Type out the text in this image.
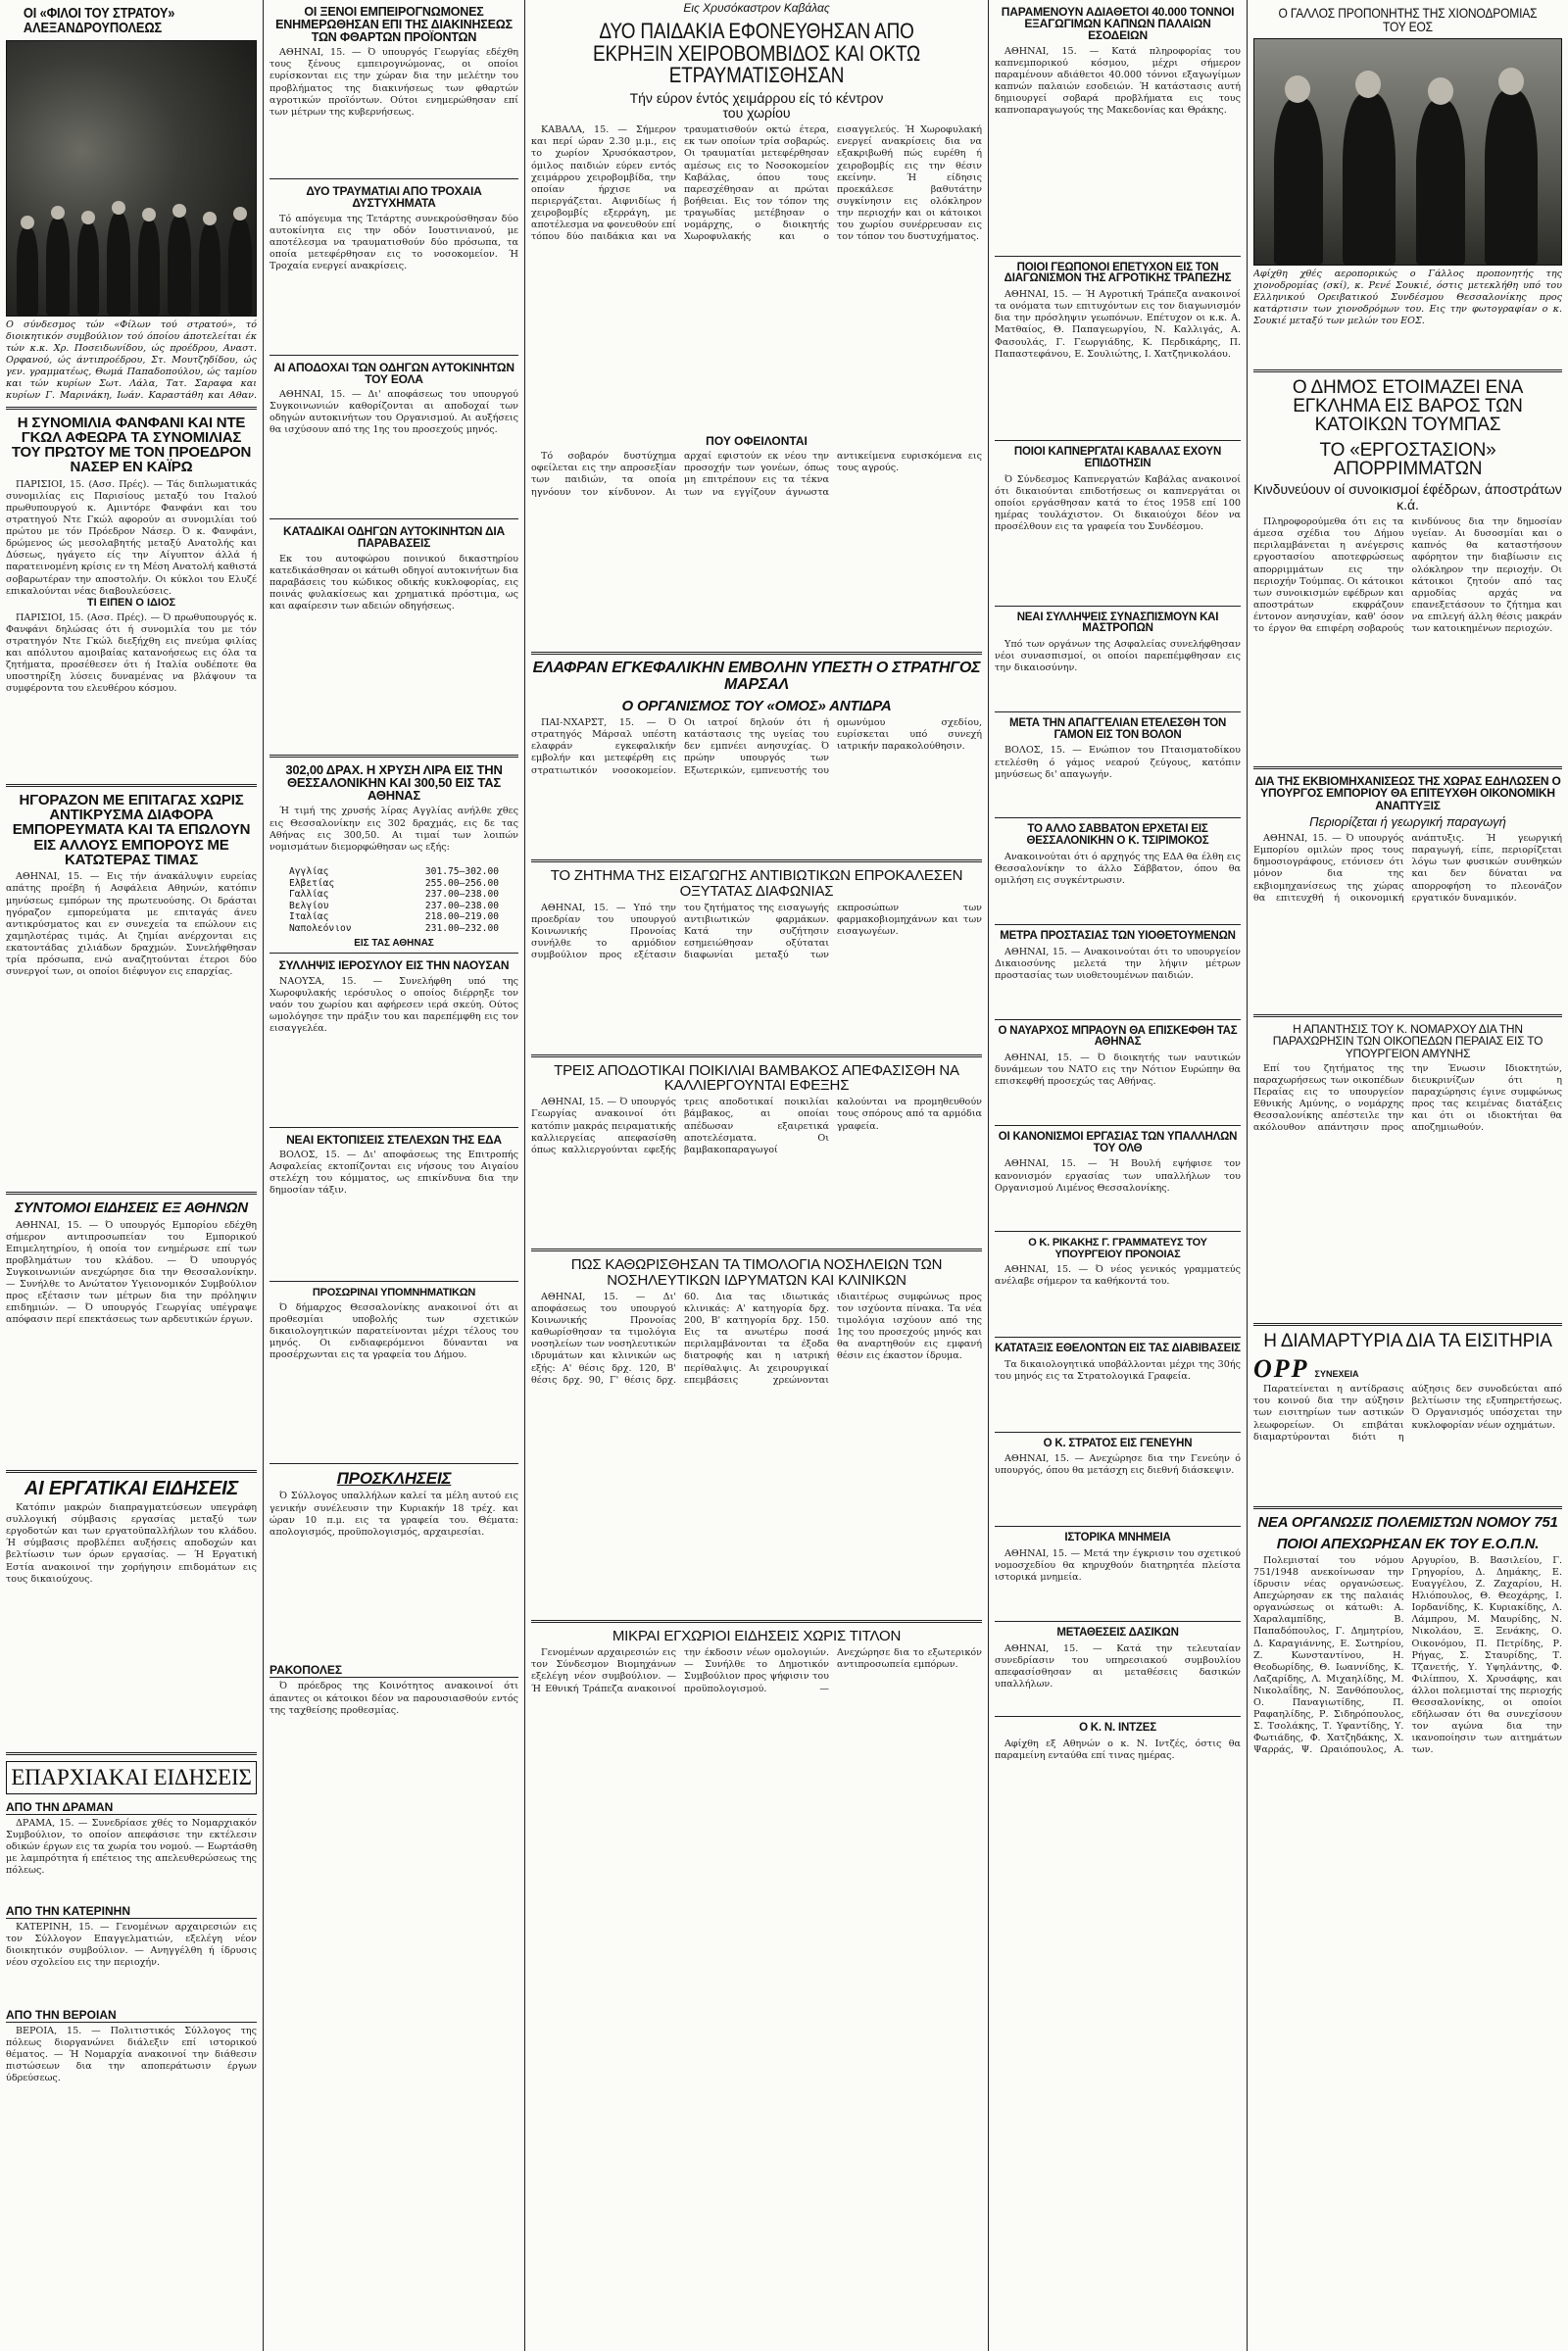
ΟΙ «ΦΙΛΟΙ ΤΟΥ ΣΤΡΑΤΟΥ» ΑΛΕΞΑΝΔΡΟΥΠΟΛΕΩΣ
Ο σύνδεσμος τών «Φίλων τού στρατού», τό διοικητικόν συμβούλιον τού όποίου άποτελείται έκ τών κ.κ. Χρ. Ποσειδωνίδου, ώς προέδρου, Αναστ. Ορφανού, ώς άντιπροέδρου, Στ. Μουτζηδίδου, ώς γεν. γραμματέως, Θωμά Παπαδοπούλου, ώς ταμίου και τών κυρίων Σωτ. Λάλα, Τατ. Σαραφα και κυρίων Γ. Μαρινάκη, Ιωάν. Καραστάθη και Αθαν.
Η ΣΥΝΟΜΙΛΙΑ ΦΑΝΦΑΝΙ ΚΑΙ ΝΤΕ ΓΚΩΛ ΑΦΕΩΡΑ ΤΑ ΣΥΝΟΜΙΛΙΑΣ ΤΟΥ ΠΡΩΤΟΥ ΜΕ ΤΟΝ ΠΡΟΕΔΡΟΝ ΝΑΣΕΡ ΕΝ ΚΑΪΡΩ

ΠΑΡΙΣΙΟΙ, 15. (Ασσ. Πρές). — Τάς διπλωματικάς συνομιλίας εις Παρισίους μεταξύ του Ιταλού πρωθυπουργού κ. Αμιντόρε Φανφάνι και του στρατηγού Ντε Γκώλ αφορούν αι συνομιλίαι τού πρώτου με τόν Πρόεδρον Νάσερ. Ό κ. Φανφάνι, δρώμενος ώς μεσολαβητής μεταξύ Ανατολής και Δύσεως, ηγάγετο είς την Αίγυπτον άλλά ή παρατεινομένη κρίσις εν τη Μέση Ανατολή καθιστά σοβαρωτέραν την αποστολήν. Οι κύκλοι του Ελυζέ επικαλούνται νέας διαβουλεύσεις.

ΤΙ ΕΙΠΕΝ Ο ΙΔΙΟΣ

ΠΑΡΙΣΙΟΙ, 15. (Ασσ. Πρές). — Ό πρωθυπουργός κ. Φανφάνι δηλώσας ότι ή συνομιλία του με τόν στρατηγόν Ντε Γκώλ διεξήχθη εις πνεύμα φιλίας και απόλυτου αμοιβαίας κατανοήσεως εις όλα τα ζητήματα, προσέθεσεν ότι ή Ιταλία ουδέποτε θα υποστηρίξη λύσεις δυναμένας να βλάψουν τα συμφέροντα του ελευθέρου κόσμου.

ΗΓΟΡΑΖΟΝ ΜΕ ΕΠΙΤΑΓΑΣ ΧΩΡΙΣ ΑΝΤΙΚΡΥΣΜΑ ΔΙΑΦΟΡΑ ΕΜΠΟΡΕΥΜΑΤΑ ΚΑΙ ΤΑ ΕΠΩΛΟΥΝ ΕΙΣ ΑΛΛΟΥΣ ΕΜΠΟΡΟΥΣ ΜΕ ΚΑΤΩΤΕΡΑΣ ΤΙΜΑΣ

ΑΘΗΝΑΙ, 15. — Εις τήν άνακάλυψιν ευρείας απάτης προέβη ή Ασφάλεια Αθηνών, κατόπιν μηνύσεως εμπόρων της πρωτευούσης. Οι δράσται ηγόραζον εμπορεύματα με επιταγάς άνευ αντικρύσματος και εν συνεχεία τα επώλουν εις χαμηλοτέρας τιμάς. Αι ζημίαι ανέρχονται εις εκατοντάδας χιλιάδων δραχμών. Συνελήφθησαν τρία πρόσωπα, ενώ αναζητούνται έτεροι δύο συνεργοί των, οι οποίοι διέφυγον εις επαρχίας.

ΣΥΝΤΟΜΟΙ ΕΙΔΗΣΕΙΣ ΕΞ ΑΘΗΝΩΝ

ΑΘΗΝΑΙ, 15. — Ό υπουργός Εμπορίου εδέχθη σήμερον αντιπροσωπείαν του Εμπορικού Επιμελητηρίου, ή οποία τον ενημέρωσε επί των προβλημάτων του κλάδου. — Ό υπουργός Συγκοινωνιών ανεχώρησε δια την Θεσσαλονίκην. — Συνήλθε το Ανώτατον Υγειονομικόν Συμβούλιον προς εξέτασιν των μέτρων δια την πρόληψιν επιδημιών. — Ό υπουργός Γεωργίας υπέγραψε απόφασιν περί επεκτάσεως των αρδευτικών έργων.

ΑΙ ΕΡΓΑΤΙΚΑΙ ΕΙΔΗΣΕΙΣ

Κατόπιν μακρών διαπραγματεύσεων υπεγράφη συλλογική σύμβασις εργασίας μεταξύ των εργοδοτών και των εργατοϋπαλλήλων του κλάδου. Ή σύμβασις προβλέπει αυξήσεις αποδοχών και βελτίωσιν των όρων εργασίας. — Ή Εργατική Εστία ανακοινοί την χορήγησιν επιδομάτων εις τους δικαιούχους.

ΕΠΑΡΧΙΑΚΑΙ ΕΙΔΗΣΕΙΣ
ΑΠΟ ΤΗΝ ΔΡΑΜΑΝ

ΔΡΑΜΑ, 15. — Συνεδρίασε χθές το Νομαρχιακόν Συμβούλιον, το οποίον απεφάσισε την εκτέλεσιν οδικών έργων εις τα χωρία του νομού. — Εωρτάσθη με λαμπρότητα ή επέτειος της απελευθερώσεως της πόλεως.

ΑΠΟ ΤΗΝ ΚΑΤΕΡΙΝΗΝ

ΚΑΤΕΡΙΝΗ, 15. — Γενομένων αρχαιρεσιών εις τον Σύλλογον Επαγγελματιών, εξελέγη νέον διοικητικόν συμβούλιον. — Ανηγγέλθη ή ίδρυσις νέου σχολείου εις την περιοχήν.

ΑΠΟ ΤΗΝ ΒΕΡΟΙΑΝ

ΒΕΡΟΙΑ, 15. — Πολιτιστικός Σύλλογος της πόλεως διοργανώνει διάλεξιν επί ιστορικού θέματος. — Ή Νομαρχία ανακοινοί την διάθεσιν πιστώσεων δια την αποπεράτωσιν έργων ύδρεύσεως.

ΟΙ ΞΕΝΟΙ ΕΜΠΕΙΡΟΓΝΩΜΟΝΕΣ ΕΝΗΜΕΡΩΘΗΣΑΝ ΕΠΙ ΤΗΣ ΔΙΑΚΙΝΗΣΕΩΣ ΤΩΝ ΦΘΑΡΤΩΝ ΠΡΟΪΟΝΤΩΝ

ΑΘΗΝΑΙ, 15. — Ό υπουργός Γεωργίας εδέχθη τους ξένους εμπειρογνώμονας, οι οποίοι ευρίσκονται εις την χώραν δια την μελέτην του προβλήματος της διακινήσεως των φθαρτών αγροτικών προϊόντων. Ούτοι ενημερώθησαν επί των μέτρων της κυβερνήσεως.

ΔΥΟ ΤΡΑΥΜΑΤΙΑΙ ΑΠΟ ΤΡΟΧΑΙΑ ΔΥΣΤΥΧΗΜΑΤΑ

Τό απόγευμα της Τετάρτης συνεκρούσθησαν δύο αυτοκίνητα εις την οδόν Ιουστινιανού, με αποτέλεσμα να τραυματισθούν δύο πρόσωπα, τα οποία μετεφέρθησαν εις το νοσοκομείον. Ή Τροχαία ενεργεί ανακρίσεις.

ΑΙ ΑΠΟΔΟΧΑΙ ΤΩΝ ΟΔΗΓΩΝ ΑΥΤΟΚΙΝΗΤΩΝ ΤΟΥ ΕΟΛΑ

ΑΘΗΝΑΙ, 15. — Δι' αποφάσεως του υπουργού Συγκοινωνιών καθορίζονται αι αποδοχαί των οδηγών αυτοκινήτων του Οργανισμού. Αι αυξήσεις θα ισχύσουν από της 1ης του προσεχούς μηνός.

ΚΑΤΑΔΙΚΑΙ ΟΔΗΓΩΝ ΑΥΤΟΚΙΝΗΤΩΝ ΔΙΑ ΠΑΡΑΒΑΣΕΙΣ

Εκ του αυτοφώρου ποινικού δικαστηρίου κατεδικάσθησαν οι κάτωθι οδηγοί αυτοκινήτων δια παραβάσεις του κώδικος οδικής κυκλοφορίας, εις ποινάς φυλακίσεως και χρηματικά πρόστιμα, ως και αφαίρεσιν των αδειών οδηγήσεως.

302,00 ΔΡΑΧ. Η ΧΡΥΣΗ ΛΙΡΑ ΕΙΣ ΤΗΝ ΘΕΣΣΑΛΟΝΙΚΗΝ ΚΑΙ 300,50 ΕΙΣ ΤΑΣ ΑΘΗΝΑΣ

Ή τιμή της χρυσής λίρας Αγγλίας ανήλθε χθες εις Θεσσαλονίκην εις 302 δραχμάς, εις δε τας Αθήνας εις 300,50. Αι τιμαί των λοιπών νομισμάτων διεμορφώθησαν ως εξής:

Αγγλίας	301.75—302.00
Ελβετίας	255.00—256.00
Γαλλίας	237.00—238.00
Βελγίου	237.00—238.00
Ιταλίας	218.00—219.00
Ναπολεόνιον	231.00—232.00
ΕΙΣ ΤΑΣ ΑΘΗΝΑΣ
ΣΥΛΛΗΨΙΣ ΙΕΡΟΣΥΛΟΥ ΕΙΣ ΤΗΝ ΝΑΟΥΣΑΝ

ΝΑΟΥΣΑ, 15. — Συνελήφθη υπό της Χωροφυλακής ιερόσυλος ο οποίος διέρρηξε τον ναόν του χωρίου και αφήρεσεν ιερά σκεύη. Ούτος ωμολόγησε την πράξιν του και παρεπέμφθη εις τον εισαγγελέα.

ΝΕΑΙ ΕΚΤΟΠΙΣΕΙΣ ΣΤΕΛΕΧΩΝ ΤΗΣ ΕΔΑ

ΒΟΛΟΣ, 15. — Δι' αποφάσεως της Επιτροπής Ασφαλείας εκτοπίζονται εις νήσους του Αιγαίου στελέχη του κόμματος, ως επικίνδυνα δια την δημοσίαν τάξιν.

ΠΡΟΣΩΡΙΝΑΙ ΥΠΟΜΝΗΜΑΤΙΚΩΝ

Ό δήμαρχος Θεσσαλονίκης ανακοινοί ότι αι προθεσμίαι υποβολής των σχετικών δικαιολογητικών παρατείνονται μέχρι τέλους του μηνός. Οι ενδιαφερόμενοι δύνανται να προσέρχωνται εις τα γραφεία του Δήμου.

ΠΡΟΣΚΛΗΣΕΙΣ

Ό Σύλλογος υπαλλήλων καλεί τα μέλη αυτού εις γενικήν συνέλευσιν την Κυριακήν 18 τρέχ. και ώραν 10 π.μ. εις τα γραφεία του. Θέματα: απολογισμός, προϋπολογισμός, αρχαιρεσίαι.

ΡΑΚΟΠΟΛΕΣ

Ό πρόεδρος της Κοινότητος ανακοινοί ότι άπαντες οι κάτοικοι δέον να παρουσιασθούν εντός της ταχθείσης προθεσμίας.

Εις Χρυσόκαστρον Καβάλας
ΔΥΟ ΠΑΙΔΑΚΙΑ ΕΦΟΝΕΥΘΗΣΑΝ ΑΠΟ ΕΚΡΗΞΙΝ ΧΕΙΡΟΒΟΜΒΙΔΟΣ ΚΑΙ ΟΚΤΩ ΕΤΡΑΥΜΑΤΙΣΘΗΣΑΝ
Τήν εύρον έντός χειμάρρου είς τό κέντρον του χωρίου

ΚΑΒΑΛΑ, 15. — Σήμερον και περί ώραν 2.30 μ.μ., εις το χωρίον Χρυσόκαστρον, όμιλος παιδιών εύρεν εντός χειμάρρου χειροβομβίδα, την οποίαν ήρχισε να περιεργάζεται. Αιφνιδίως ή χειροβομβίς εξερράγη, με αποτέλεσμα να φονευθούν επί τόπου δύο παιδάκια και να τραυματισθούν οκτώ έτερα, εκ των οποίων τρία σοβαρώς. Οι τραυματίαι μετεφέρθησαν αμέσως εις το Νοσοκομείον Καβάλας, όπου τους παρεσχέθησαν αι πρώται βοήθειαι. Εις τον τόπον της τραγωδίας μετέβησαν ο νομάρχης, ο διοικητής Χωροφυλακής και ο εισαγγελεύς. Ή Χωροφυλακή ενεργεί ανακρίσεις δια να εξακριβωθή πώς ευρέθη ή χειροβομβίς εις την θέσιν εκείνην. Ή είδησις προεκάλεσε βαθυτάτην συγκίνησιν εις ολόκληρον την περιοχήν και οι κάτοικοι του χωρίου συνέρρευσαν εις τον τόπον του δυστυχήματος.

ΠΟΥ ΟΦΕΙΛΟΝΤΑΙ

Τό σοβαρόν δυστύχημα οφείλεται εις την απροσεξίαν των παιδιών, τα οποία ηγνόουν τον κίνδυνον. Αι αρχαί εφιστούν εκ νέου την προσοχήν των γονέων, όπως μη επιτρέπουν εις τα τέκνα των να εγγίζουν άγνωστα αντικείμενα ευρισκόμενα εις τους αγρούς.

ΕΛΑΦΡΑΝ ΕΓΚΕΦΑΛΙΚΗΝ ΕΜΒΟΛΗΝ ΥΠΕΣΤΗ Ο ΣΤΡΑΤΗΓΟΣ ΜΑΡΣΑΛ
Ο ΟΡΓΑΝΙΣΜΟΣ ΤΟΥ «ΟΜΟΣ» ΑΝΤΙΔΡΑ

ΠΑΙ-ΝΧΑΡΣΤ, 15. — Ό στρατηγός Μάρσαλ υπέστη ελαφράν εγκεφαλικήν εμβολήν και μετεφέρθη εις στρατιωτικόν νοσοκομείον. Οι ιατροί δηλούν ότι ή κατάστασις της υγείας του δεν εμπνέει ανησυχίας. Ό πρώην υπουργός των Εξωτερικών, εμπνευστής του ομωνύμου σχεδίου, ευρίσκεται υπό συνεχή ιατρικήν παρακολούθησιν.

ΤΟ ΖΗΤΗΜΑ ΤΗΣ ΕΙΣΑΓΩΓΗΣ ΑΝΤΙΒΙΩΤΙΚΩΝ ΕΠΡΟΚΑΛΕΣΕΝ ΟΞΥΤΑΤΑΣ ΔΙΑΦΩΝΙΑΣ

ΑΘΗΝΑΙ, 15. — Υπό την προεδρίαν του υπουργού Κοινωνικής Προνοίας συνήλθε το αρμόδιον συμβούλιον προς εξέτασιν του ζητήματος της εισαγωγής αντιβιωτικών φαρμάκων. Κατά την συζήτησιν εσημειώθησαν οξύταται διαφωνίαι μεταξύ των εκπροσώπων των φαρμακοβιομηχάνων και των εισαγωγέων.

ΤΡΕΙΣ ΑΠΟΔΟΤΙΚΑΙ ΠΟΙΚΙΛΙΑΙ ΒΑΜΒΑΚΟΣ ΑΠΕΦΑΣΙΣΘΗ ΝΑ ΚΑΛΛΙΕΡΓΟΥΝΤΑΙ ΕΦΕΞΗΣ

ΑΘΗΝΑΙ, 15. — Ό υπουργός Γεωργίας ανακοινοί ότι κατόπιν μακράς πειραματικής καλλιεργείας απεφασίσθη όπως καλλιεργούνται εφεξής τρεις αποδοτικαί ποικιλίαι βάμβακος, αι οποίαι απέδωσαν εξαιρετικά αποτελέσματα. Οι βαμβακοπαραγωγοί καλούνται να προμηθευθούν τους σπόρους από τα αρμόδια γραφεία.

ΠΩΣ ΚΑΘΩΡΙΣΘΗΣΑΝ ΤΑ ΤΙΜΟΛΟΓΙΑ ΝΟΣΗΛΕΙΩΝ ΤΩΝ ΝΟΣΗΛΕΥΤΙΚΩΝ ΙΔΡΥΜΑΤΩΝ ΚΑΙ ΚΛΙΝΙΚΩΝ

ΑΘΗΝΑΙ, 15. — Δι' αποφάσεως του υπουργού Κοινωνικής Προνοίας καθωρίσθησαν τα τιμολόγια νοσηλείων των νοσηλευτικών ιδρυμάτων και κλινικών ως εξής: Α' θέσις δρχ. 120, Β' θέσις δρχ. 90, Γ' θέσις δρχ. 60. Δια τας ιδιωτικάς κλινικάς: Α' κατηγορία δρχ. 200, Β' κατηγορία δρχ. 150. Εις τα ανωτέρω ποσά περιλαμβάνονται τα έξοδα διατροφής και η ιατρική περίθαλψις. Αι χειρουργικαί επεμβάσεις χρεώνονται ιδιαιτέρως συμφώνως προς τον ισχύοντα πίνακα. Τα νέα τιμολόγια ισχύουν από της 1ης του προσεχούς μηνός και θα αναρτηθούν εις εμφανή θέσιν εις έκαστον ίδρυμα.

ΜΙΚΡΑΙ ΕΓΧΩΡΙΟΙ ΕΙΔΗΣΕΙΣ ΧΩΡΙΣ ΤΙΤΛΟΝ

Γενομένων αρχαιρεσιών εις τον Σύνδεσμον Βιομηχάνων εξελέγη νέον συμβούλιον. — Ή Εθνική Τράπεζα ανακοινοί την έκδοσιν νέων ομολογιών. — Συνήλθε το Δημοτικόν Συμβούλιον προς ψήφισιν του προϋπολογισμού. — Ανεχώρησε δια το εξωτερικόν αντιπροσωπεία εμπόρων.

ΠΑΡΑΜΕΝΟΥΝ ΑΔΙΑΘΕΤΟΙ 40.000 ΤΟΝΝΟΙ ΕΞΑΓΩΓΙΜΩΝ ΚΑΠΝΩΝ ΠΑΛΑΙΩΝ ΕΣΟΔΕΙΩΝ

ΑΘΗΝΑΙ, 15. — Κατά πληροφορίας του καπνεμπορικού κόσμου, μέχρι σήμερον παραμένουν αδιάθετοι 40.000 τόννοι εξαγωγίμων καπνών παλαιών εσοδειών. Ή κατάστασις αυτή δημιουργεί σοβαρά προβλήματα εις τους καπνοπαραγωγούς της Μακεδονίας και Θράκης.

ΠΟΙΟΙ ΓΕΩΠΟΝΟΙ ΕΠΕΤΥΧΟΝ ΕΙΣ ΤΟΝ ΔΙΑΓΩΝΙΣΜΟΝ ΤΗΣ ΑΓΡΟΤΙΚΗΣ ΤΡΑΠΕΖΗΣ

ΑΘΗΝΑΙ, 15. — Ή Αγροτική Τράπεζα ανακοινοί τα ονόματα των επιτυχόντων εις τον διαγωνισμόν δια την πρόσληψιν γεωπόνων. Επέτυχον οι κ.κ. Α. Ματθαίος, Θ. Παπαγεωργίου, Ν. Καλλιγάς, Α. Φασουλάς, Γ. Γεωργιάδης, Κ. Περδικάρης, Π. Παπαστεφάνου, Ε. Σουλιώτης, Ι. Χατζηνικολάου.

ΠΟΙΟΙ ΚΑΠΝΕΡΓΑΤΑΙ ΚΑΒΑΛΑΣ ΕΧΟΥΝ ΕΠΙΔΟΤΗΣΙΝ

Ό Σύνδεσμος Καπνεργατών Καβάλας ανακοινοί ότι δικαιούνται επιδοτήσεως οι καπνεργάται οι οποίοι εργάσθησαν κατά το έτος 1958 επί 100 ημέρας τουλάχιστον. Οι δικαιούχοι δέον να προσέλθουν εις τα γραφεία του Συνδέσμου.

ΝΕΑΙ ΣΥΛΛΗΨΕΙΣ ΣΥΝΑΣΠΙΣΜΟΥΝ ΚΑΙ ΜΑΣΤΡΟΠΩΝ

Υπό των οργάνων της Ασφαλείας συνελήφθησαν νέοι συνασπισμοί, οι οποίοι παρεπέμφθησαν εις την δικαιοσύνην.

ΜΕΤΑ ΤΗΝ ΑΠΑΓΓΕΛΙΑΝ ΕΤΕΛΕΣΘΗ ΤΟΝ ΓΑΜΟΝ ΕΙΣ ΤΟΝ ΒΟΛΟΝ

ΒΟΛΟΣ, 15. — Ενώπιον του Πταισματοδίκου ετελέσθη ό γάμος νεαρού ζεύγους, κατόπιν μηνύσεως δι' απαγωγήν.

ΤΟ ΑΛΛΟ ΣΑΒΒΑΤΟΝ ΕΡΧΕΤΑΙ ΕΙΣ ΘΕΣΣΑΛΟΝΙΚΗΝ Ο Κ. ΤΣΙΡΙΜΟΚΟΣ

Ανακοινούται ότι ό αρχηγός της ΕΔΑ θα έλθη εις Θεσσαλονίκην το άλλο Σάββατον, όπου θα ομιλήση εις συγκέντρωσιν.

ΜΕΤΡΑ ΠΡΟΣΤΑΣΙΑΣ ΤΩΝ ΥΙΟΘΕΤΟΥΜΕΝΩΝ

ΑΘΗΝΑΙ, 15. — Ανακοινούται ότι το υπουργείον Δικαιοσύνης μελετά την λήψιν μέτρων προστασίας των υιοθετουμένων παιδιών.

Ο ΝΑΥΑΡΧΟΣ ΜΠΡΑΟΥΝ ΘΑ ΕΠΙΣΚΕΦΘΗ ΤΑΣ ΑΘΗΝΑΣ

ΑΘΗΝΑΙ, 15. — Ό διοικητής των ναυτικών δυνάμεων του ΝΑΤΟ εις την Νότιον Ευρώπην θα επισκεφθή προσεχώς τας Αθήνας.

ΟΙ ΚΑΝΟΝΙΣΜΟΙ ΕΡΓΑΣΙΑΣ ΤΩΝ ΥΠΑΛΛΗΛΩΝ ΤΟΥ ΟΛΘ

ΑΘΗΝΑΙ, 15. — Ή Βουλή εψήφισε τον κανονισμόν εργασίας των υπαλλήλων του Οργανισμού Λιμένος Θεσσαλονίκης.

Ο Κ. ΡΙΚΑΚΗΣ Γ. ΓΡΑΜΜΑΤΕΥΣ ΤΟΥ ΥΠΟΥΡΓΕΙΟΥ ΠΡΟΝΟΙΑΣ

ΑΘΗΝΑΙ, 15. — Ό νέος γενικός γραμματεύς ανέλαβε σήμερον τα καθήκοντά του.

ΚΑΤΑΤΑΞΙΣ ΕΘΕΛΟΝΤΩΝ ΕΙΣ ΤΑΣ ΔΙΑΒΙΒΑΣΕΙΣ

Τα δικαιολογητικά υποβάλλονται μέχρι της 30ής του μηνός εις τα Στρατολογικά Γραφεία.

Ο Κ. ΣΤΡΑΤΟΣ ΕΙΣ ΓΕΝΕΥΗΝ

ΑΘΗΝΑΙ, 15. — Ανεχώρησε δια την Γενεύην ό υπουργός, όπου θα μετάσχη εις διεθνή διάσκεψιν.

ΙΣΤΟΡΙΚΑ ΜΝΗΜΕΙΑ

ΑΘΗΝΑΙ, 15. — Μετά την έγκρισιν του σχετικού νομοσχεδίου θα κηρυχθούν διατηρητέα πλείστα ιστορικά μνημεία.

ΜΕΤΑΘΕΣΕΙΣ ΔΑΣΙΚΩΝ

ΑΘΗΝΑΙ, 15. — Κατά την τελευταίαν συνεδρίασιν του υπηρεσιακού συμβουλίου απεφασίσθησαν αι μεταθέσεις δασικών υπαλλήλων.

Ο Κ. Ν. ΙΝΤΖΕΣ

Αφίχθη εξ Αθηνών ο κ. Ν. Ιντζές, όστις θα παραμείνη ενταύθα επί τινας ημέρας.

Ο ΓΑΛΛΟΣ ΠΡΟΠΟΝΗΤΗΣ ΤΗΣ ΧΙΟΝΟΔΡΟΜΙΑΣ ΤΟΥ ΕΟΣ
Αφίχθη χθές αεροπορικώς ο Γάλλος προπονητής της χιονοδρομίας (σκί), κ. Ρενέ Σουκιέ, όστις μετεκλήθη υπό του Ελληνικού Ορειβατικού Συνδέσμου Θεσσαλονίκης προς κατάρτισιν των χιονοδρόμων του. Εις την φωτογραφίαν ο κ. Σουκιέ μεταξύ των μελών του ΕΟΣ.
Ο ΔΗΜΟΣ ΕΤΟΙΜΑΖΕΙ ΕΝΑ ΕΓΚΛΗΜΑ ΕΙΣ ΒΑΡΟΣ ΤΩΝ ΚΑΤΟΙΚΩΝ ΤΟΥΜΠΑΣ
ΤΟ «ΕΡΓΟΣΤΑΣΙΟΝ» ΑΠΟΡΡΙΜΜΑΤΩΝ
Κινδυνεύουν οί συνοικισμοί έφέδρων, άποστράτων κ.ά.

Πληροφορούμεθα ότι εις τα άμεσα σχέδια του Δήμου περιλαμβάνεται η ανέγερσις εργοστασίου αποτεφρώσεως απορριμμάτων εις την περιοχήν Τούμπας. Οι κάτοικοι των συνοικισμών εφέδρων και αποστράτων εκφράζουν έντονον ανησυχίαν, καθ' όσον το έργον θα επιφέρη σοβαρούς κινδύνους δια την δημοσίαν υγείαν. Αι δυσοσμίαι και ο καπνός θα καταστήσουν αφόρητον την διαβίωσιν εις ολόκληρον την περιοχήν. Οι κάτοικοι ζητούν από τας αρμοδίας αρχάς να επανεξετάσουν το ζήτημα και να επιλεγή άλλη θέσις μακράν των κατοικημένων περιοχών.

ΔΙΑ ΤΗΣ ΕΚΒΙΟΜΗΧΑΝΙΣΕΩΣ ΤΗΣ ΧΩΡΑΣ ΕΔΗΛΩΣΕΝ Ο ΥΠΟΥΡΓΟΣ ΕΜΠΟΡΙΟΥ ΘΑ ΕΠΙΤΕΥΧΘΗ ΟΙΚΟΝΟΜΙΚΗ ΑΝΑΠΤΥΞΙΣ
Περιορίζεται ή γεωργική παραγωγή

ΑΘΗΝΑΙ, 15. — Ό υπουργός Εμπορίου ομιλών προς τους δημοσιογράφους, ετόνισεν ότι μόνον δια της εκβιομηχανίσεως της χώρας θα επιτευχθή ή οικονομική ανάπτυξις. Ή γεωργική παραγωγή, είπε, περιορίζεται λόγω των φυσικών συνθηκών και δεν δύναται να απορροφήση το πλεονάζον εργατικόν δυναμικόν.

Η ΑΠΑΝΤΗΣΙΣ ΤΟΥ Κ. ΝΟΜΑΡΧΟΥ ΔΙΑ ΤΗΝ ΠΑΡΑΧΩΡΗΣΙΝ ΤΩΝ ΟΙΚΟΠΕΔΩΝ ΠΕΡΑΙΑΣ ΕΙΣ ΤΟ ΥΠΟΥΡΓΕΙΟΝ ΑΜΥΝΗΣ

Επί του ζητήματος της παραχωρήσεως των οικοπέδων Περαίας εις το υπουργείον Εθνικής Αμύνης, ο νομάρχης Θεσσαλονίκης απέστειλε την ακόλουθον απάντησιν προς την Ένωσιν Ιδιοκτητών, διευκρινίζων ότι η παραχώρησις έγινε συμφώνως προς τας κειμένας διατάξεις και ότι οι ιδιοκτήται θα αποζημιωθούν.

Η ΔΙΑΜΑΡΤΥΡΙΑ ΔΙΑ ΤΑ ΕΙΣΙΤΗΡΙΑ
ΟΡΡ ΣΥΝΕΧΕΙΑ

Παρατείνεται η αντίδρασις του κοινού δια την αύξησιν των εισιτηρίων των αστικών λεωφορείων. Οι επιβάται διαμαρτύρονται διότι η αύξησις δεν συνοδεύεται από βελτίωσιν της εξυπηρετήσεως. Ό Οργανισμός υπόσχεται την κυκλοφορίαν νέων οχημάτων.

ΝΕΑ ΟΡΓΑΝΩΣΙΣ ΠΟΛΕΜΙΣΤΩΝ ΝΟΜΟΥ 751
ΠΟΙΟΙ ΑΠΕΧΩΡΗΣΑΝ ΕΚ ΤΟΥ Ε.Ο.Π.Ν.

Πολεμισταί του νόμου 751/1948 ανεκοίνωσαν την ίδρυσιν νέας οργανώσεως. Απεχώρησαν εκ της παλαιάς οργανώσεως οι κάτωθι: Α. Χαραλαμπίδης, Β. Παπαδόπουλος, Γ. Δημητρίου, Δ. Καραγιάννης, Ε. Σωτηρίου, Ζ. Κωνσταντίνου, Η. Θεοδωρίδης, Θ. Ιωαννίδης, Κ. Λαζαρίδης, Λ. Μιχαηλίδης, Μ. Νικολαΐδης, Ν. Ξανθόπουλος, Ο. Παναγιωτίδης, Π. Ραφαηλίδης, Ρ. Σιδηρόπουλος, Σ. Τσολάκης, Τ. Υφαντίδης, Υ. Φωτιάδης, Φ. Χατζηδάκης, Χ. Ψαρράς, Ψ. Ωραιόπουλος, Α. Αργυρίου, Β. Βασιλείου, Γ. Γρηγορίου, Δ. Δημάκης, Ε. Ευαγγέλου, Ζ. Ζαχαρίου, Η. Ηλιόπουλος, Θ. Θεοχάρης, Ι. Ιορδανίδης, Κ. Κυριακίδης, Λ. Λάμπρου, Μ. Μαυρίδης, Ν. Νικολάου, Ξ. Ξενάκης, Ο. Οικονόμου, Π. Πετρίδης, Ρ. Ρήγας, Σ. Σταυρίδης, Τ. Τζανετής, Υ. Υψηλάντης, Φ. Φιλίππου, Χ. Χρυσάφης, και άλλοι πολεμισταί της περιοχής Θεσσαλονίκης, οι οποίοι εδήλωσαν ότι θα συνεχίσουν τον αγώνα δια την ικανοποίησιν των αιτημάτων των.
